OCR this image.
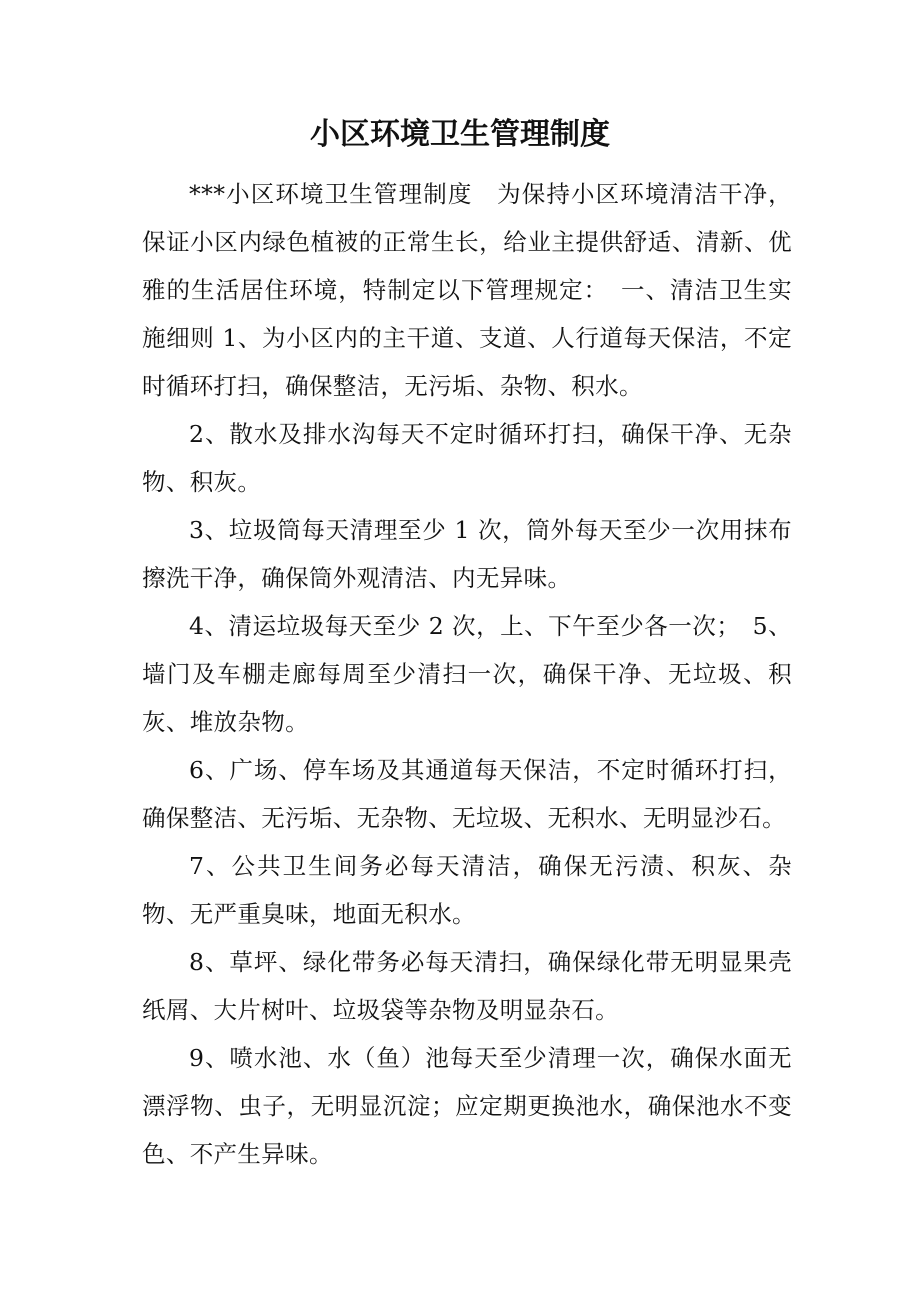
小区环境卫生管理制度

***小区环境卫生管理制度　为保持小区环境清洁干净，保证小区内绿色植被的正常生长，给业主提供舒适、清新、优雅的生活居住环境，特制定以下管理规定：　一、清洁卫生实施细则 1、为小区内的主干道、支道、人行道每天保洁，不定时循环打扫，确保整洁，无污垢、杂物、积水。

2、散水及排水沟每天不定时循环打扫，确保干净、无杂物、积灰。

3、垃圾筒每天清理至少 1 次，筒外每天至少一次用抹布擦洗干净，确保筒外观清洁、内无异味。

4、清运垃圾每天至少 2 次，上、下午至少各一次；　5、墙门及车棚走廊每周至少清扫一次，确保干净、无垃圾、积灰、堆放杂物。

6、广场、停车场及其通道每天保洁，不定时循环打扫，确保整洁、无污垢、无杂物、无垃圾、无积水、无明显沙石。

7、公共卫生间务必每天清洁，确保无污渍、积灰、杂物、无严重臭味，地面无积水。

8、草坪、绿化带务必每天清扫，确保绿化带无明显果壳纸屑、大片树叶、垃圾袋等杂物及明显杂石。

9、喷水池、水（鱼）池每天至少清理一次，确保水面无漂浮物、虫子，无明显沉淀；应定期更换池水，确保池水不变色、不产生异味。
